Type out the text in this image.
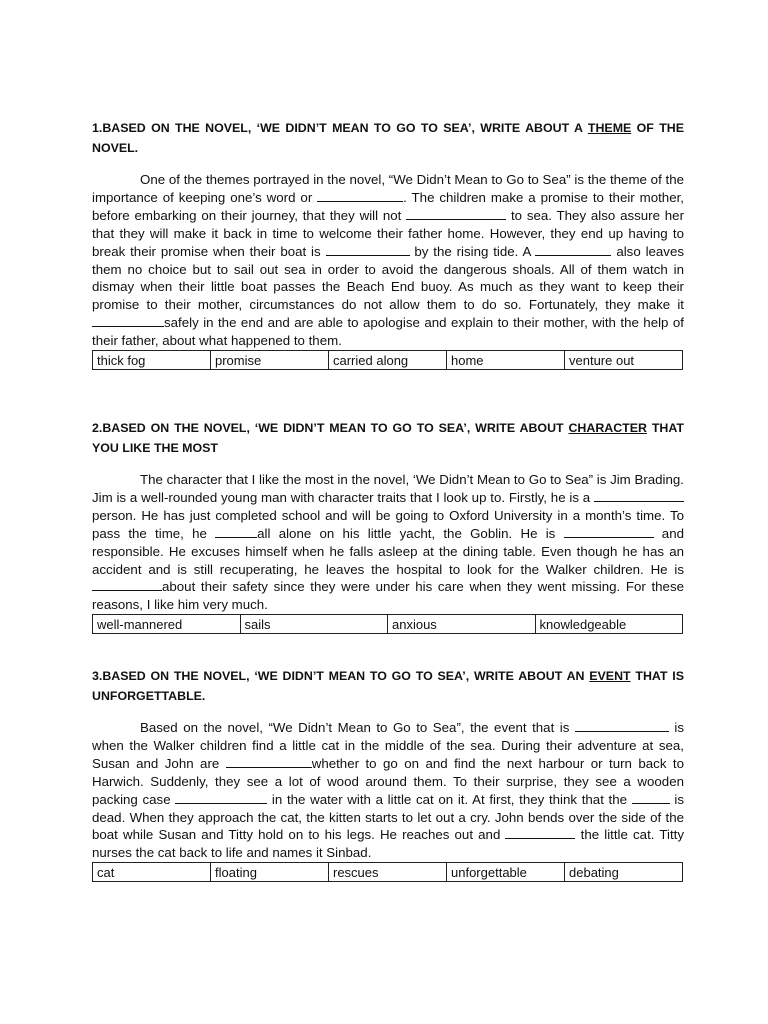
1.BASED ON THE NOVEL, ‘WE DIDN’T MEAN TO GO TO SEA’, WRITE ABOUT A THEME OF THE NOVEL.

One of the themes portrayed in the novel, “We Didn’t Mean to Go to Sea” is the theme of the importance of keeping one’s word or	. The children make a promise to their mother, before embarking on their journey, that they will not	to sea. They also assure her that they will make it back in time to welcome their father home. However, they end up having to break their promise when their boat is	by the rising tide. A	also leaves them no choice but to sail out sea in order to avoid the dangerous shoals. All of them watch in dismay when their little boat passes the Beach End buoy. As much as they want to keep their promise to their mother, circumstances do not allow them to do so. Fortunately, they make it safely in the end and are able to apologise and explain to their mother, with the help of their father, about what happened to them.

thick fog	promise	carried along	home	venture out

2.BASED ON THE NOVEL, ‘WE DIDN’T MEAN TO GO TO SEA’, WRITE ABOUT CHARACTER THAT YOU LIKE THE MOST

The character that I like the most in the novel, ‘We Didn’t Mean to Go to Sea” is Jim Brading. Jim is a well-rounded young man with character traits that I look up to. Firstly, he is a person. He has just completed school and will be going to Oxford University in a month’s time. To pass the time, he	all alone on his little yacht, the Goblin. He is	and responsible. He excuses himself when he falls asleep at the dining table. Even though he has an accident and is still recuperating, he leaves the hospital to look for the Walker children. He is about their safety since they were under his care when they went missing. For these reasons, I like him very much.

well-mannered	sails	anxious	knowledgeable

3.BASED ON THE NOVEL, ‘WE DIDN’T MEAN TO GO TO SEA’, WRITE ABOUT AN EVENT THAT IS UNFORGETTABLE.

Based on the novel, “We Didn’t Mean to Go to Sea”, the event that is	is when the Walker children find a little cat in the middle of the sea. During their adventure at sea, Susan and John are	whether to go on and find the next harbour or turn back to Harwich. Suddenly, they see a lot of wood around them. To their surprise, they see a wooden packing case	in the water with a little cat on it. At first, they think that the	is dead. When they approach the cat, the kitten starts to let out a cry. John bends over the side of the boat while Susan and Titty hold on to his legs. He reaches out and	the little cat. Titty nurses the cat back to life and names it Sinbad.

cat	floating	rescues	unforgettable	debating
